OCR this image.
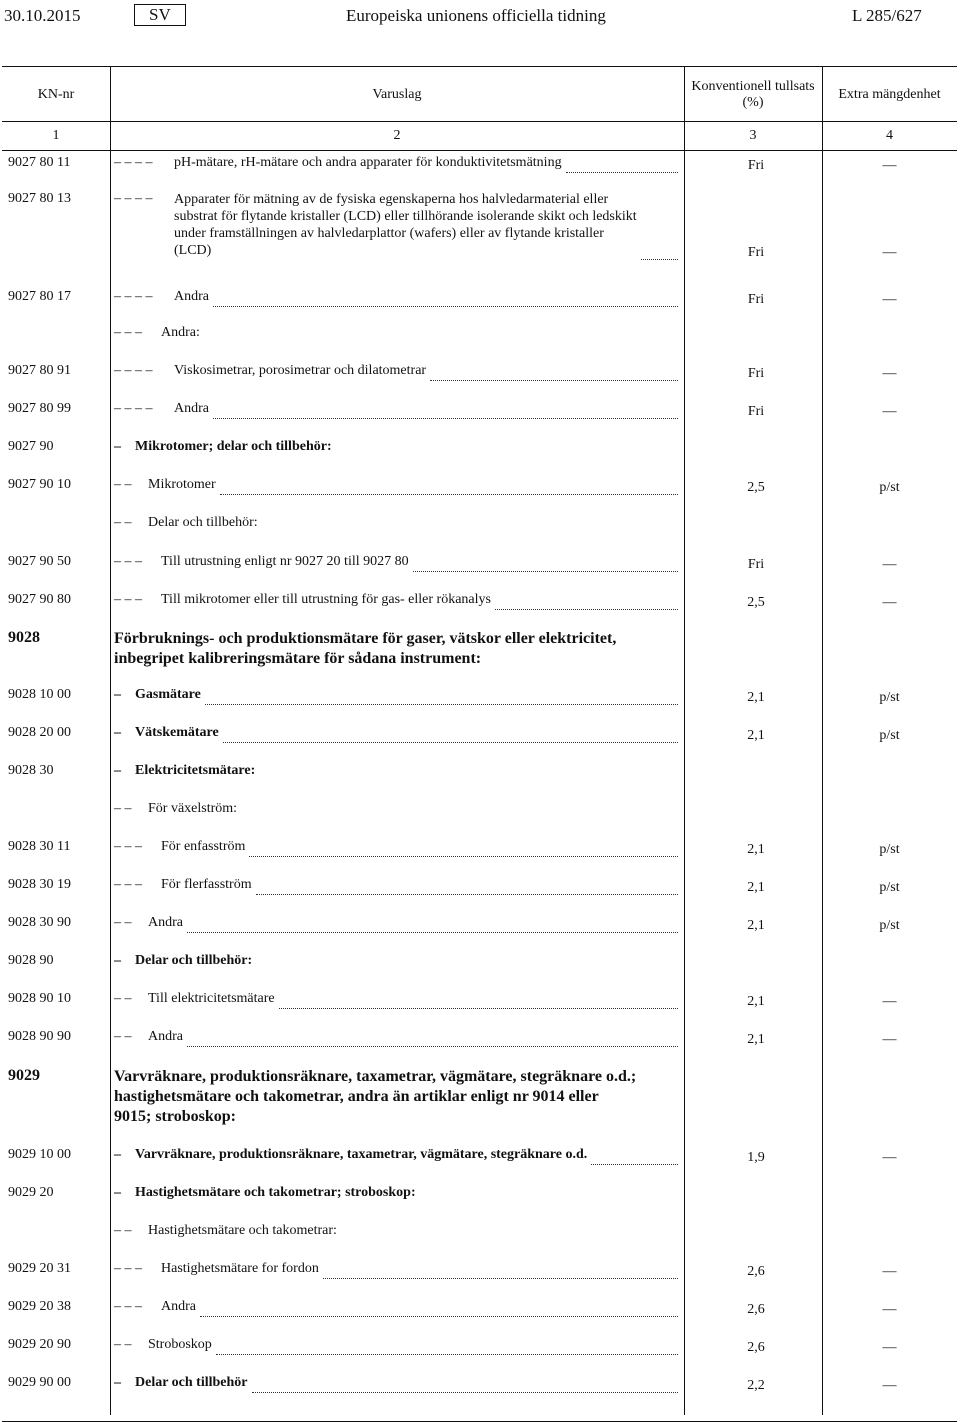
30.10.2015	SV	Europeiska unionens officiella tidning	L 285/627
KN-nr	Varuslag
Konventionell tullsats
(%)
Extra mängdenhet
1	2	3	4
9027 80 11	– – – – pH-mätare, rH-mätare och andra apparater för konduktivitetsmätning	Fri	—
9027 80 13	– – – – Apparater för mätning av de fysiska egenskaperna hos halvledarmaterial eller
substrat för flytande kristaller (LCD) eller tillhörande isolerande skikt och ledskikt
under framställningen av halvledarplattor (wafers) eller av flytande kristaller
(LCD)	Fri	—
9027 80 17	– – – – Andra	Fri	—
– – – Andra:
9027 80 91	– – – – Viskosimetrar, porosimetrar och dilatometrar	Fri	—
9027 80 99	– – – – Andra	Fri	—
9027 90	– Mikrotomer; delar och tillbehör:
9027 90 10	– – Mikrotomer	2,5	p/st
– – Delar och tillbehör:
9027 90 50	– – – Till utrustning enligt nr 9027 20 till 9027 80	Fri	—
9027 90 80	– – – Till mikrotomer eller till utrustning för gas- eller rökanalys	2,5	—
9028	Förbruknings- och produktionsmätare för gaser, vätskor eller elektricitet,
inbegripet kalibreringsmätare för sådana instrument:
9028 10 00	– Gasmätare	2,1	p/st
9028 20 00	– Vätskemätare	2,1	p/st
9028 30	– Elektricitetsmätare:
– – För växelström:
9028 30 11	– – – För enfasström	2,1	p/st
9028 30 19	– – – För flerfasström	2,1	p/st
9028 30 90	– – Andra	2,1	p/st
9028 90	– Delar och tillbehör:
9028 90 10	– – Till elektricitetsmätare	2,1	—
9028 90 90	– – Andra	2,1	—
9029	Varvräknare, produktionsräknare, taxametrar, vägmätare, stegräknare o.d.;
hastighetsmätare och takometrar, andra än artiklar enligt nr 9014 eller
9015; stroboskop:
9029 10 00	– Varvräknare, produktionsräknare, taxametrar, vägmätare, stegräknare o.d.	1,9	—
9029 20	– Hastighetsmätare och takometrar; stroboskop:
– – Hastighetsmätare och takometrar:
9029 20 31	– – – Hastighetsmätare for fordon	2,6	—
9029 20 38	– – – Andra	2,6	—
9029 20 90	– – Stroboskop	2,6	—
9029 90 00	– Delar och tillbehör	2,2	—
